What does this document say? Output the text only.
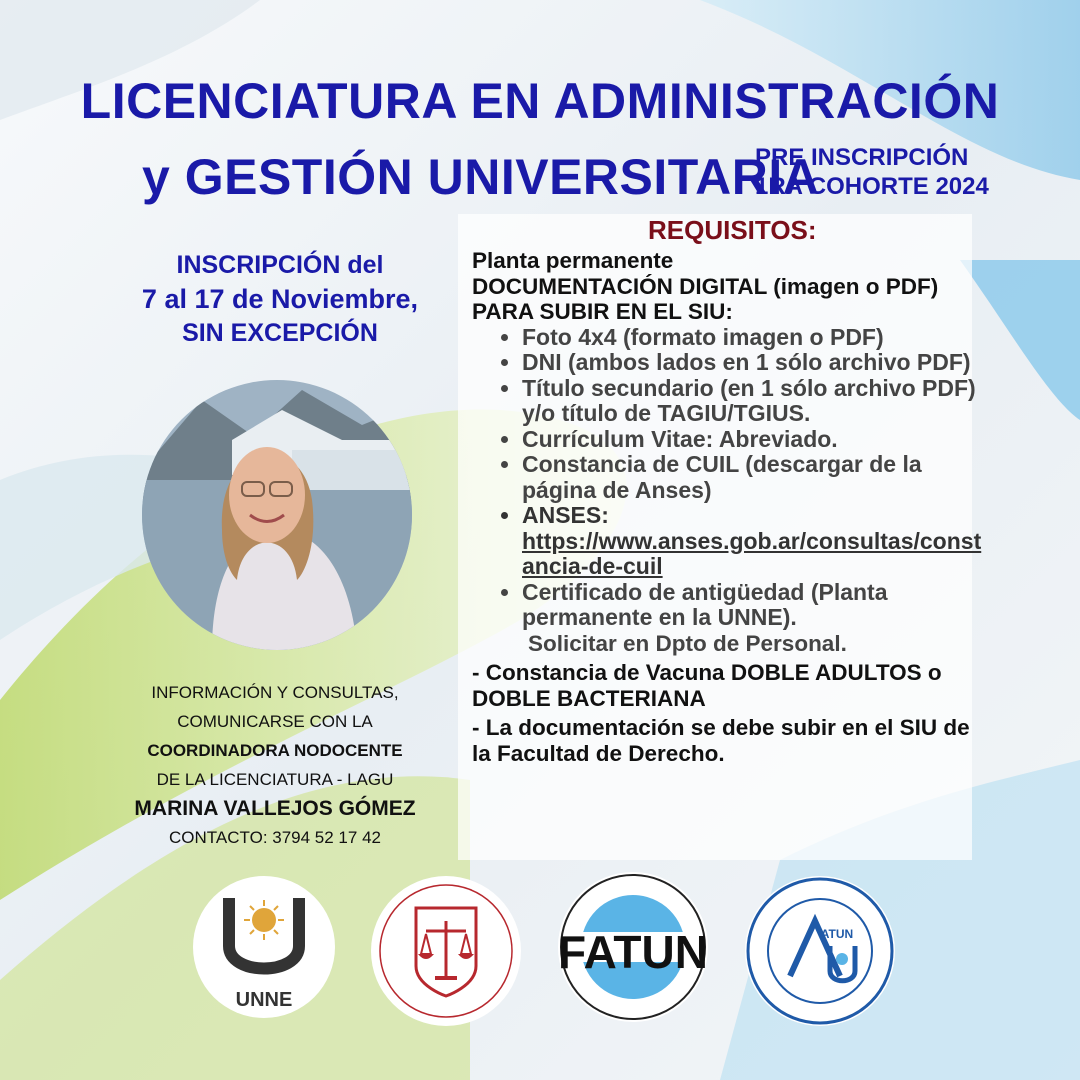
LICENCIATURA EN ADMINISTRACIÓN
y GESTIÓN UNIVERSITARIA
PRE INSCRIPCIÓN
1RA COHORTE 2024
REQUISITOS:
Planta permanente
DOCUMENTACIÓN DIGITAL (imagen o PDF)
PARA SUBIR EN EL SIU:
• Foto 4x4 (formato imagen o PDF)
• DNI (ambos lados en 1 sólo archivo PDF)
• Título secundario (en 1 sólo archivo PDF) y/o título de TAGIU/TGIUS.
• Currículum Vitae: Abreviado.
• Constancia de CUIL (descargar de la página de Anses)
• ANSES:
https://www.anses.gob.ar/consultas/constancia-de-cuil
• Certificado de antigüedad (Planta permanente en la UNNE).
Solicitar en Dpto de Personal.
- Constancia de Vacuna DOBLE ADULTOS o DOBLE BACTERIANA
- La documentación se debe subir en el SIU de la Facultad de Derecho.
INSCRIPCIÓN del
7 al 17 de Noviembre,
SIN EXCEPCIÓN
INFORMACIÓN Y CONSULTAS,
COMUNICARSE CON LA
COORDINADORA NODOCENTE
DE LA LICENCIATURA - LAGU
MARINA VALLEJOS GÓMEZ
CONTACTO: 3794 52 17 42
UNNE
FATUN	ATUN
